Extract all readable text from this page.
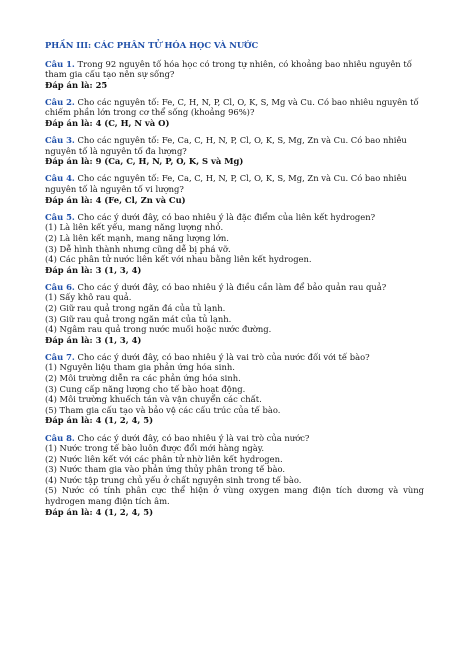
PHẦN III: CÁC PHÂN TỬ HÓA HỌC VÀ NƯỚC

Câu 1. Trong 92 nguyên tố hóa học có trong tự nhiên, có khoảng bao nhiêu nguyên tố tham gia cấu tạo nên sự sống?

Đáp án là: 25

Câu 2. Cho các nguyên tố: Fe, C, H, N, P, Cl, O, K, S, Mg và Cu. Có bao nhiêu nguyên tố chiếm phần lớn trong cơ thể sống (khoảng 96%)?

Đáp án là: 4 (C, H, N và O)

Câu 3. Cho các nguyên tố: Fe, Ca, C, H, N, P, Cl, O, K, S, Mg, Zn và Cu. Có bao nhiêu nguyên tố là nguyên tố đa lượng?

Đáp án là: 9 (Ca, C, H, N, P, O, K, S và Mg)

Câu 4. Cho các nguyên tố: Fe, Ca, C, H, N, P, Cl, O, K, S, Mg, Zn và Cu. Có bao nhiêu nguyên tố là nguyên tố vi lượng?

Đáp án là: 4 (Fe, Cl, Zn và Cu)

Câu 5. Cho các ý dưới đây, có bao nhiêu ý là đặc điểm của liên kết hydrogen?

(1) Là liên kết yếu, mang năng lượng nhỏ.

(2) Là liên kết mạnh, mang năng lượng lớn.

(3) Dễ hình thành nhưng cũng dễ bị phá vỡ.

(4) Các phân tử nước liên kết với nhau bằng liên kết hydrogen.

Đáp án là: 3 (1, 3, 4)

Câu 6. Cho các ý dưới đây, có bao nhiêu ý là điều cần làm để bảo quản rau quả?

(1) Sấy khô rau quả.

(2) Giữ rau quả trong ngăn đá của tủ lạnh.

(3) Giữ rau quả trong ngăn mát của tủ lạnh.

(4) Ngâm rau quả trong nước muối hoặc nước đường.

Đáp án là: 3 (1, 3, 4)

Câu 7. Cho các ý dưới đây, có bao nhiêu ý là vai trò của nước đối với tế bào?

(1) Nguyên liệu tham gia phản ứng hóa sinh.

(2) Môi trường diễn ra các phản ứng hóa sinh.

(3) Cung cấp năng lượng cho tế bào hoạt động.

(4) Môi trường khuếch tán và vận chuyển các chất.

(5) Tham gia cấu tạo và bảo vệ các cấu trúc của tế bào.

Đáp án là: 4 (1, 2, 4, 5)

Câu 8. Cho các ý dưới đây, có bao nhiêu ý là vai trò của nước?

(1) Nước trong tế bào luôn được đổi mới hàng ngày.

(2) Nước liên kết với các phân tử nhờ liên kết hydrogen.

(3) Nước tham gia vào phản ứng thủy phân trong tế bào.

(4) Nước tập trung chủ yếu ở chất nguyên sinh trong tế bào.

(5) Nước có tính phân cực thể hiện ở vùng oxygen mang điện tích dương và vùng hydrogen mang điện tích âm.

Đáp án là: 4 (1, 2, 4, 5)
